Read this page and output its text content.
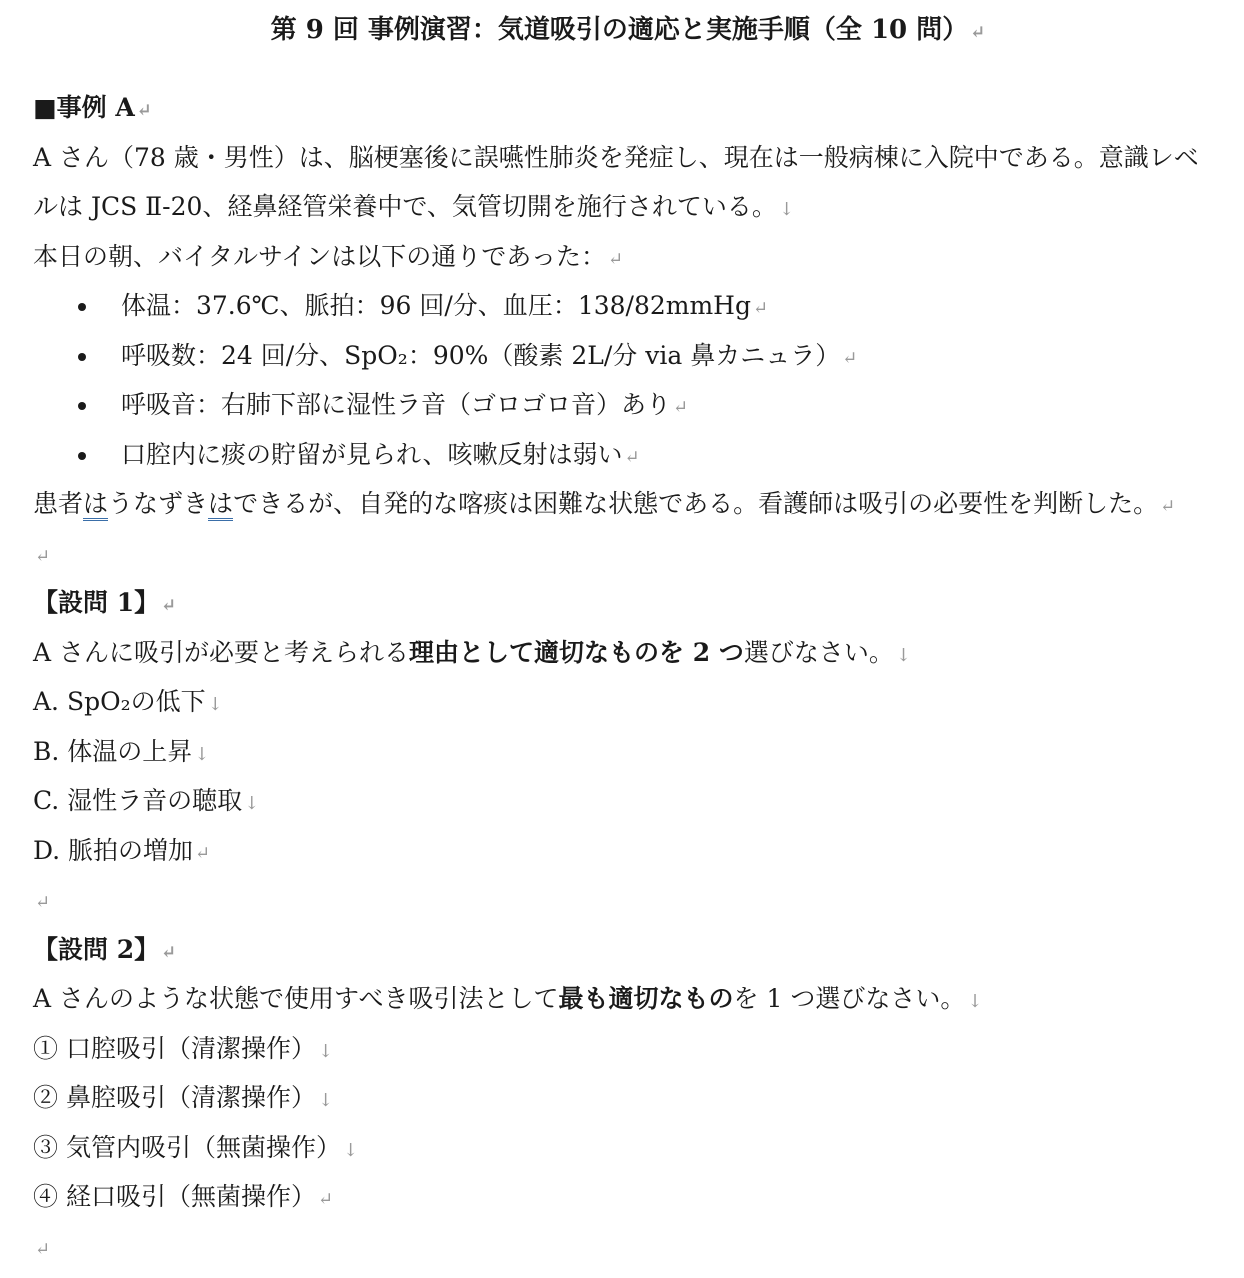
第 9 回 事例演習：気道吸引の適応と実施手順（全 10 問） ↵
■事例 A ↵
A さん（78 歳・男性）は、脳梗塞後に誤嚥性肺炎を発症し、現在は一般病棟に入院中である。意識レベ
ルは JCS Ⅱ-20、経鼻経管栄養中で、気管切開を施行されている。 ↓
本日の朝、バイタルサインは以下の通りであった： ↵
体温：37.6℃、脈拍：96 回/分、血圧：138/82mmHg ↵
呼吸数：24 回/分、SpO₂：90%（酸素 2L/分 via 鼻カニュラ） ↵
呼吸音：右肺下部に湿性ラ音（ゴロゴロ音）あり ↵
口腔内に痰の貯留が見られ、咳嗽反射は弱い ↵
患者はうなずきはできるが、自発的な喀痰は困難な状態である。看護師は吸引の必要性を判断した。 ↵
↵
【設問 1】 ↵
A さんに吸引が必要と考えられる理由として適切なものを 2 つ選びなさい。 ↓
A. SpO₂の低下 ↓
B. 体温の上昇 ↓
C. 湿性ラ音の聴取 ↓
D. 脈拍の増加 ↵
↵
【設問 2】 ↵
A さんのような状態で使用すべき吸引法として最も適切なものを 1 つ選びなさい。 ↓
① 口腔吸引（清潔操作） ↓
② 鼻腔吸引（清潔操作） ↓
③ 気管内吸引（無菌操作） ↓
④ 経口吸引（無菌操作） ↵
↵
